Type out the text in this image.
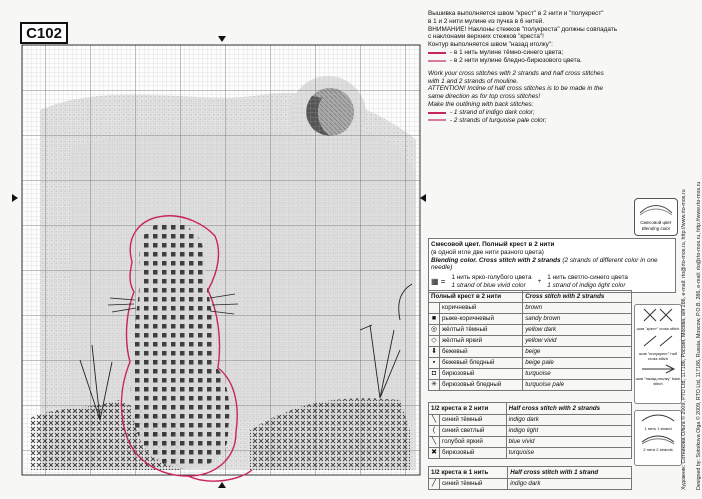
C102

Вышивка выполняется швом "крест" в 2 нити и "полукрест"

в 1 и 2 нити мулине из пучка в 6 нитей.

ВНИМАНИЕ! Наклоны стежков "полукреста" должны совпадать

с наклонами верхних стежков "креста"!

Контур выполняется швом "назад иголку":

- в 1 нить мулине тёмно-синего цвета;
- в 2 нити мулине бледно-бирюзового цвета.

Work your cross stitches with 2 strands and half cross stitches

with 1 and 2 strands of mouline.

ATTENTION! Incline of half cross stitches is to be made in the

same direction as for top cross stitches!

Make the outlining with back stitches:

- 1 strand of indigo dark color;
- 2 strands of turquoise pale color;
Смесовой цвет
Blending color
Смесовой цвет. Полный крест в 2 нити
(в одной игле две нити разного цвета)
Blending color. Cross stitch with 2 strands (2 strands of different color in one needle)
▦ = 1 нить ярко-голубого цвета
1 strand of blue vivid color
+
1 нить светло-синего цвета
1 strand of indigo light color
Полный крест в 2 нити		Cross stitch with 2 strands
	коричневый	brown
■	рыже-коричневый	sandy brown
◎	жёлтый тёмный	yellow dark
◇	жёлтый яркий	yellow vivid
⬇	бежевый	beige
▪	бежевый бледный	beige pale
◘	бирюзовый	turquoise
✳	бирюзовый бледный	turquoise pale
1/2 креста в 2 нити		Half cross stitch with 2 strands
╲	синий тёмный	indigo dark
(	синий светлый	indigo light
╲	голубой яркий	blue vivid
✖	бирюзовый	turquoise
1/2 креста в 1 нить		Half cross stitch with 1 strand
╱	синий тёмный	indigo dark
шов "крест" cross stitch
шов "полукрест" half cross stitch
шов "назад иголку" back stitch
1 нить 1 strand
2 нити 2 strands	Художник: Сотникова Ольга © 2009, РТО Ltd, 117186, Россия, Москва, а/я 286, e-mail: rto@rto-mos.ru, http://www.rto-mos.ru Designed by: Sotnikova Olga © 2009, RTO Ltd, 117186, Russia, Moscow, P.O.B. 286, e-mail: rto@rto-mos.ru, http://www.rto-mos.ru
